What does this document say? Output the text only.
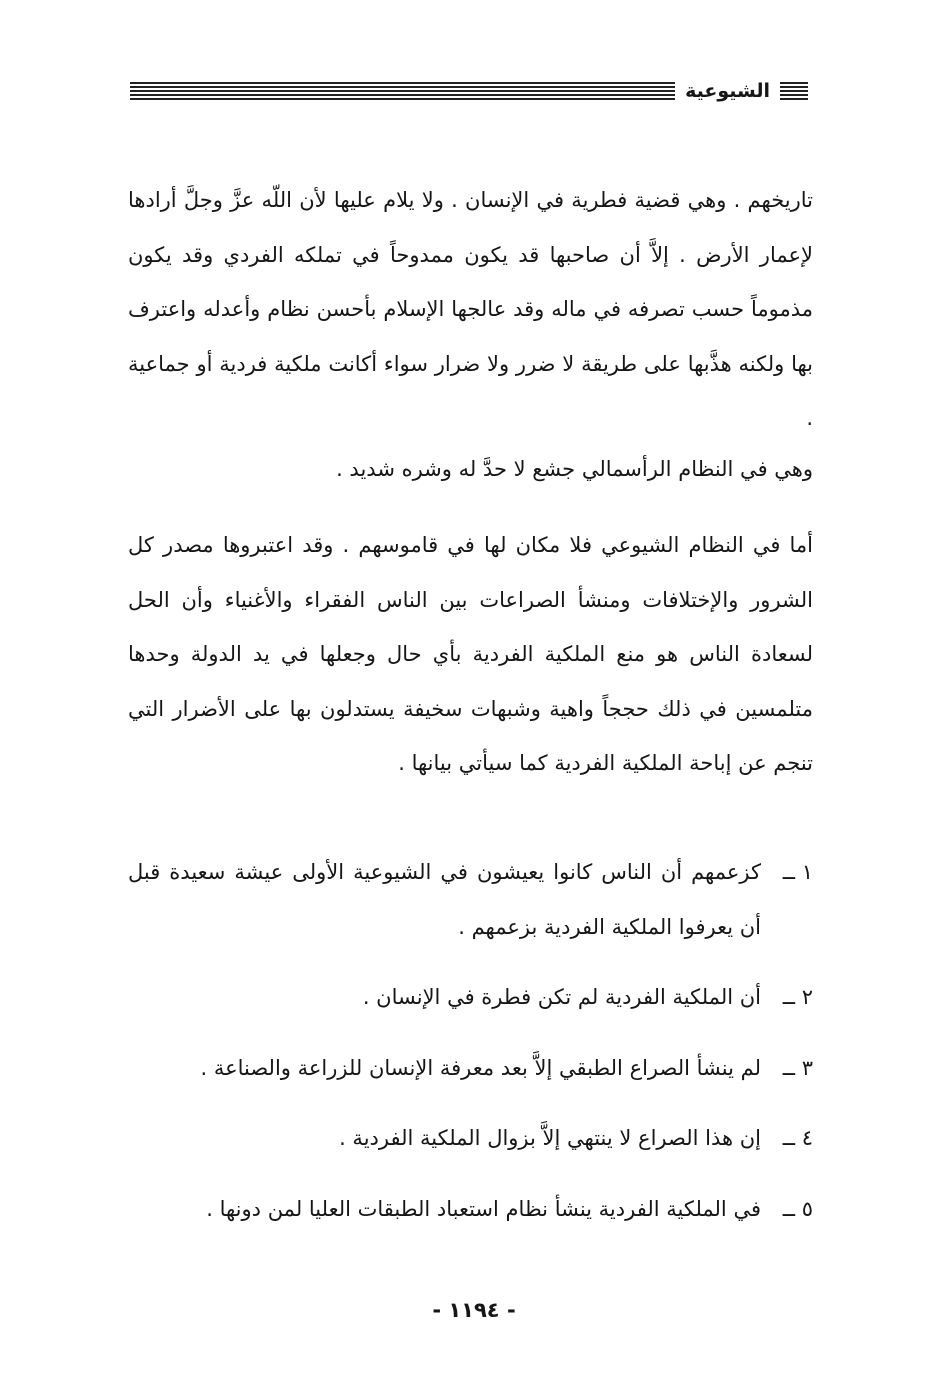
الشيوعية

تاريخهم . وهي قضية فطرية في الإنسان . ولا يلام عليها لأن اللّه عزَّ وجلَّ أرادها لإعمار الأرض . إلاَّ أن صاحبها قد يكون ممدوحاً في تملكه الفردي وقد يكون مذموماً حسب تصرفه في ماله وقد عالجها الإسلام بأحسن نظام وأعدله واعترف بها ولكنه هذَّبها على طريقة لا ضرر ولا ضرار سواء أكانت ملكية فردية أو جماعية .

وهي في النظام الرأسمالي جشع لا حدَّ له وشره شديد .

أما في النظام الشيوعي فلا مكان لها في قاموسهم . وقد اعتبروها مصدر كل الشرور والإختلافات ومنشأ الصراعات بين الناس الفقراء والأغنياء وأن الحل لسعادة الناس هو منع الملكية الفردية بأي حال وجعلها في يد الدولة وحدها متلمسين في ذلك حججاً واهية وشبهات سخيفة يستدلون بها على الأضرار التي تنجم عن إباحة الملكية الفردية كما سيأتي بيانها .

١ ــ
كزعمهم أن الناس كانوا يعيشون في الشيوعية الأولى عيشة سعيدة قبل أن يعرفوا الملكية الفردية بزعمهم .
٢ ــ
أن الملكية الفردية لم تكن فطرة في الإنسان .
٣ ــ
لم ينشأ الصراع الطبقي إلاَّ بعد معرفة الإنسان للزراعة والصناعة .
٤ ــ
إن هذا الصراع لا ينتهي إلاَّ بزوال الملكية الفردية .
٥ ــ
في الملكية الفردية ينشأ نظام استعباد الطبقات العليا لمن دونها .
- ١١٩٤ -
